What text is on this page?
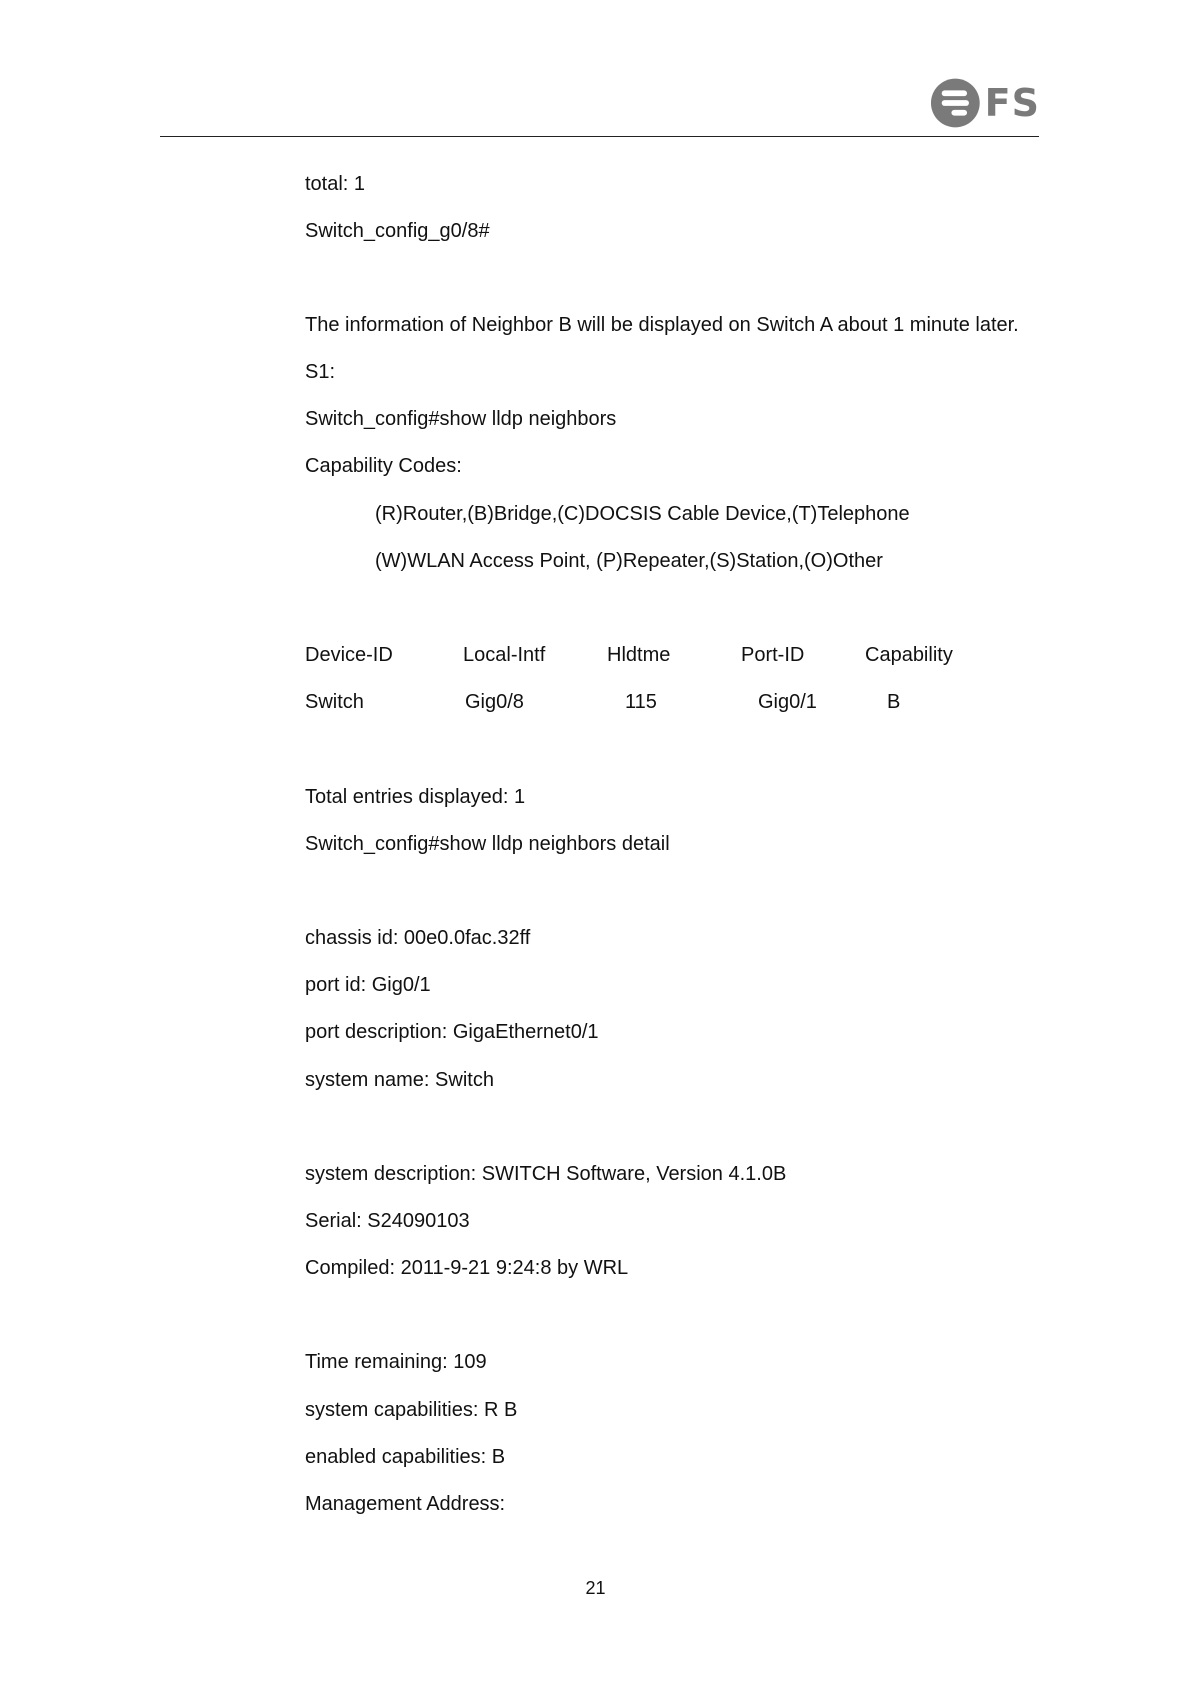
FS
total: 1
Switch_config_g0/8#
The information of Neighbor B will be displayed on Switch A about 1 minute later.
S1:
Switch_config#show lldp neighbors
Capability Codes:
(R)Router,(B)Bridge,(C)DOCSIS Cable Device,(T)Telephone
(W)WLAN Access Point, (P)Repeater,(S)Station,(O)Other
Device-ID	Local-Intf	Hldtme	Port-ID	Capability
Switch	Gig0/8	115	Gig0/1	B
Total entries displayed: 1
Switch_config#show lldp neighbors detail
chassis id: 00e0.0fac.32ff
port id: Gig0/1
port description: GigaEthernet0/1
system name: Switch
system description: SWITCH Software, Version 4.1.0B
Serial: S24090103
Compiled: 2011-9-21 9:24:8 by WRL
Time remaining: 109
system capabilities: R B
enabled capabilities: B
Management Address:
21
